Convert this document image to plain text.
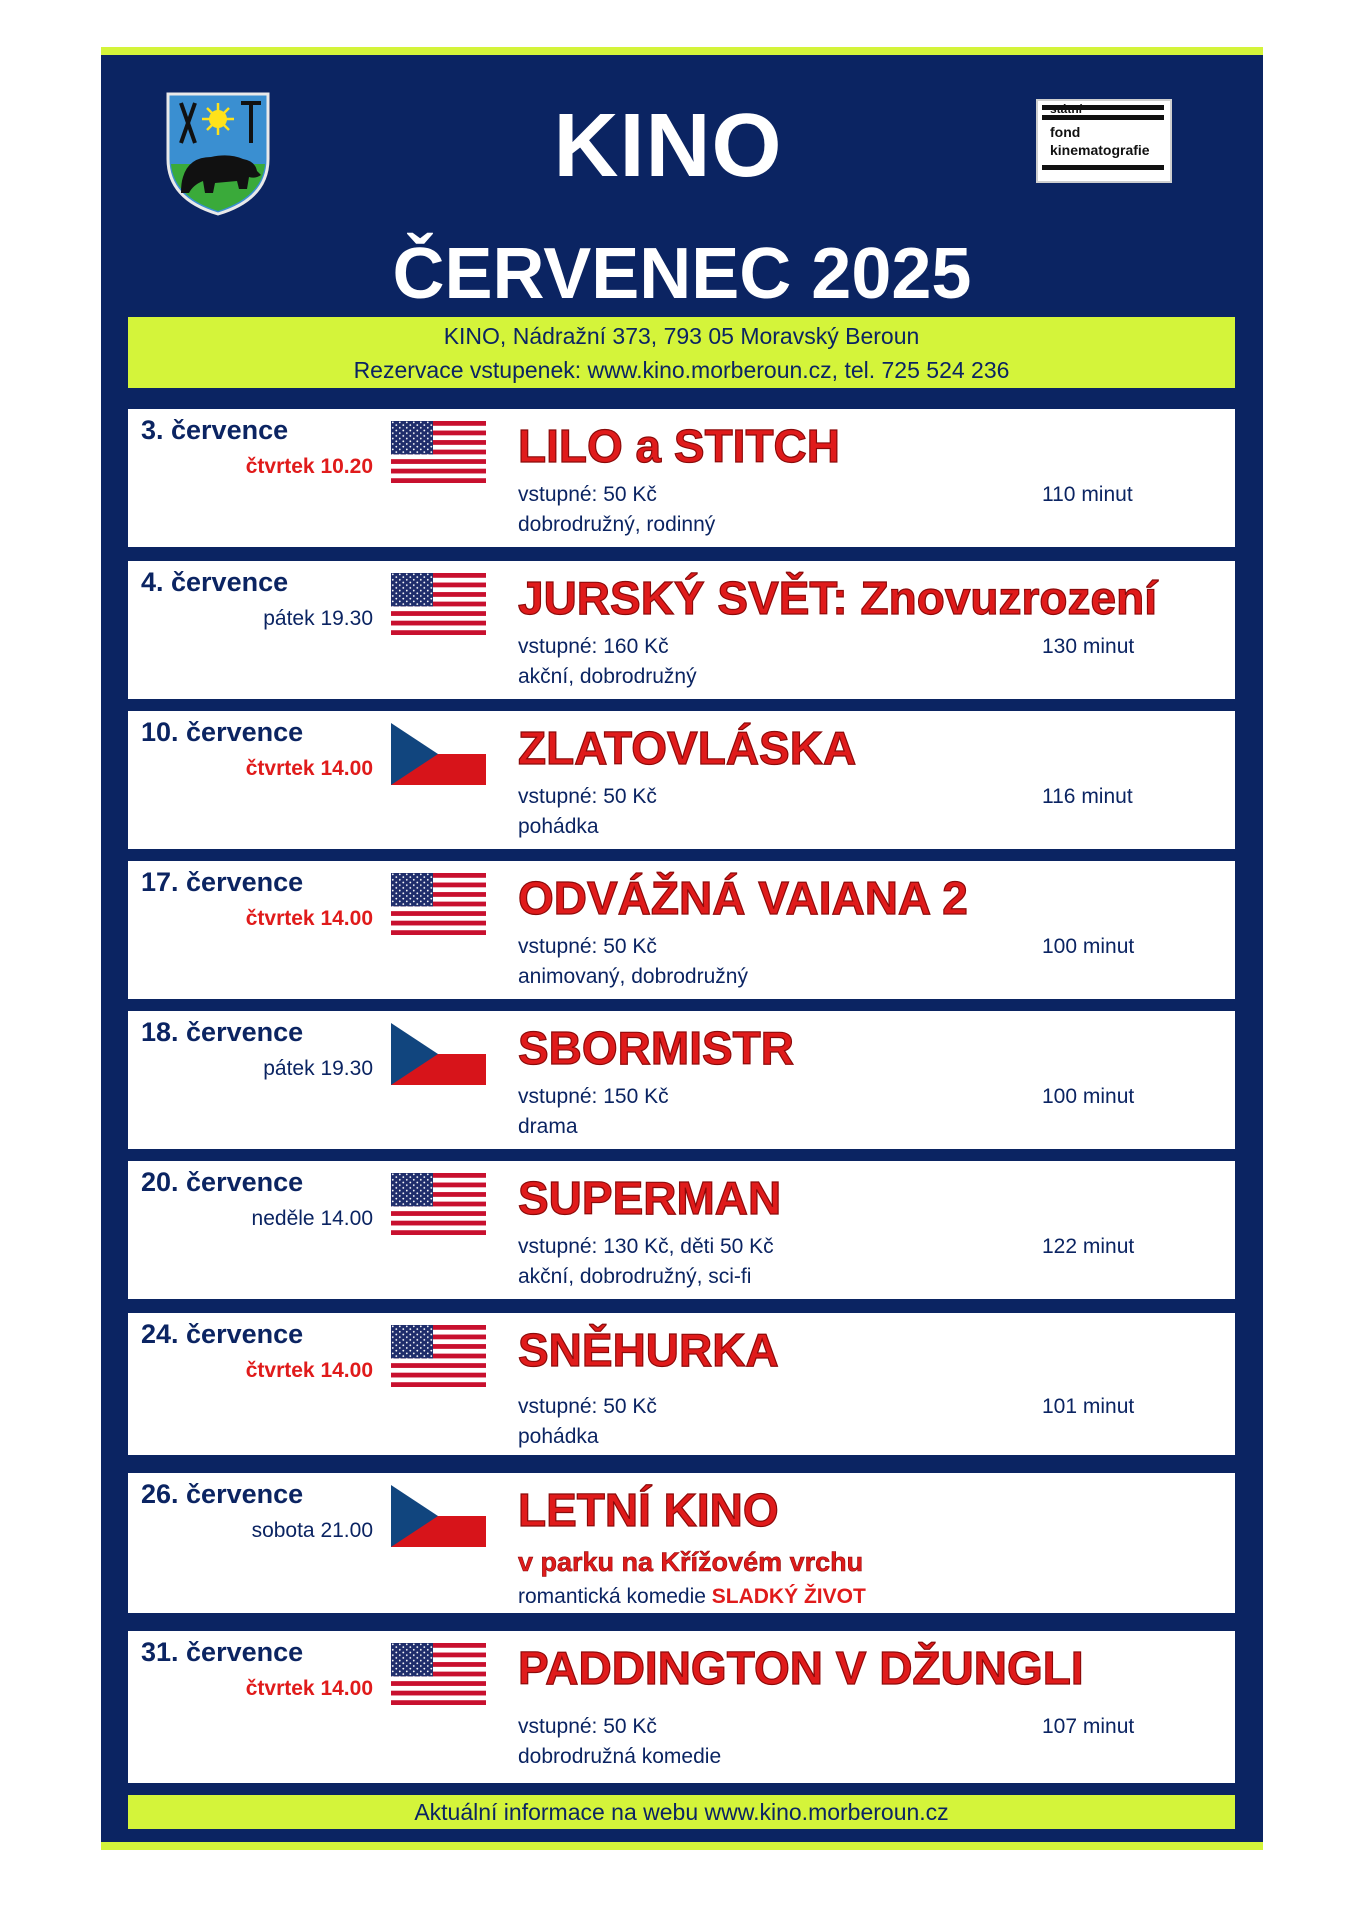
KINO
ČERVENEC 2025
státní
fond
kinematografie
KINO, Nádražní 373, 793 05 Moravský Beroun
Rezervace vstupenek: www.kino.morberoun.cz, tel. 725 524 236
3. července
čtvrtek 10.20	LILO a STITCH
vstupné: 50 Kč
dobrodružný, rodinný
110 minut
4. července
pátek 19.30	JURSKÝ SVĚT: Znovuzrození
vstupné: 160 Kč
akční, dobrodružný
130 minut
10. července
čtvrtek 14.00	ZLATOVLÁSKA
vstupné: 50 Kč
pohádka
116 minut
17. července
čtvrtek 14.00	ODVÁŽNÁ VAIANA 2
vstupné: 50 Kč
animovaný, dobrodružný
100 minut
18. července
pátek 19.30	SBORMISTR
vstupné: 150 Kč
drama
100 minut
20. července
neděle 14.00	SUPERMAN
vstupné: 130 Kč, děti 50 Kč
akční, dobrodružný, sci-fi
122 minut
24. července
čtvrtek 14.00	SNĚHURKA
vstupné: 50 Kč
pohádka
101 minut
26. července
sobota 21.00	LETNÍ KINO
v parku na Křížovém vrchu
romantická komedie SLADKÝ ŽIVOT
31. července
čtvrtek 14.00	PADDINGTON V DŽUNGLI
vstupné: 50 Kč
dobrodružná komedie
107 minut
Aktuální informace na webu www.kino.morberoun.cz
